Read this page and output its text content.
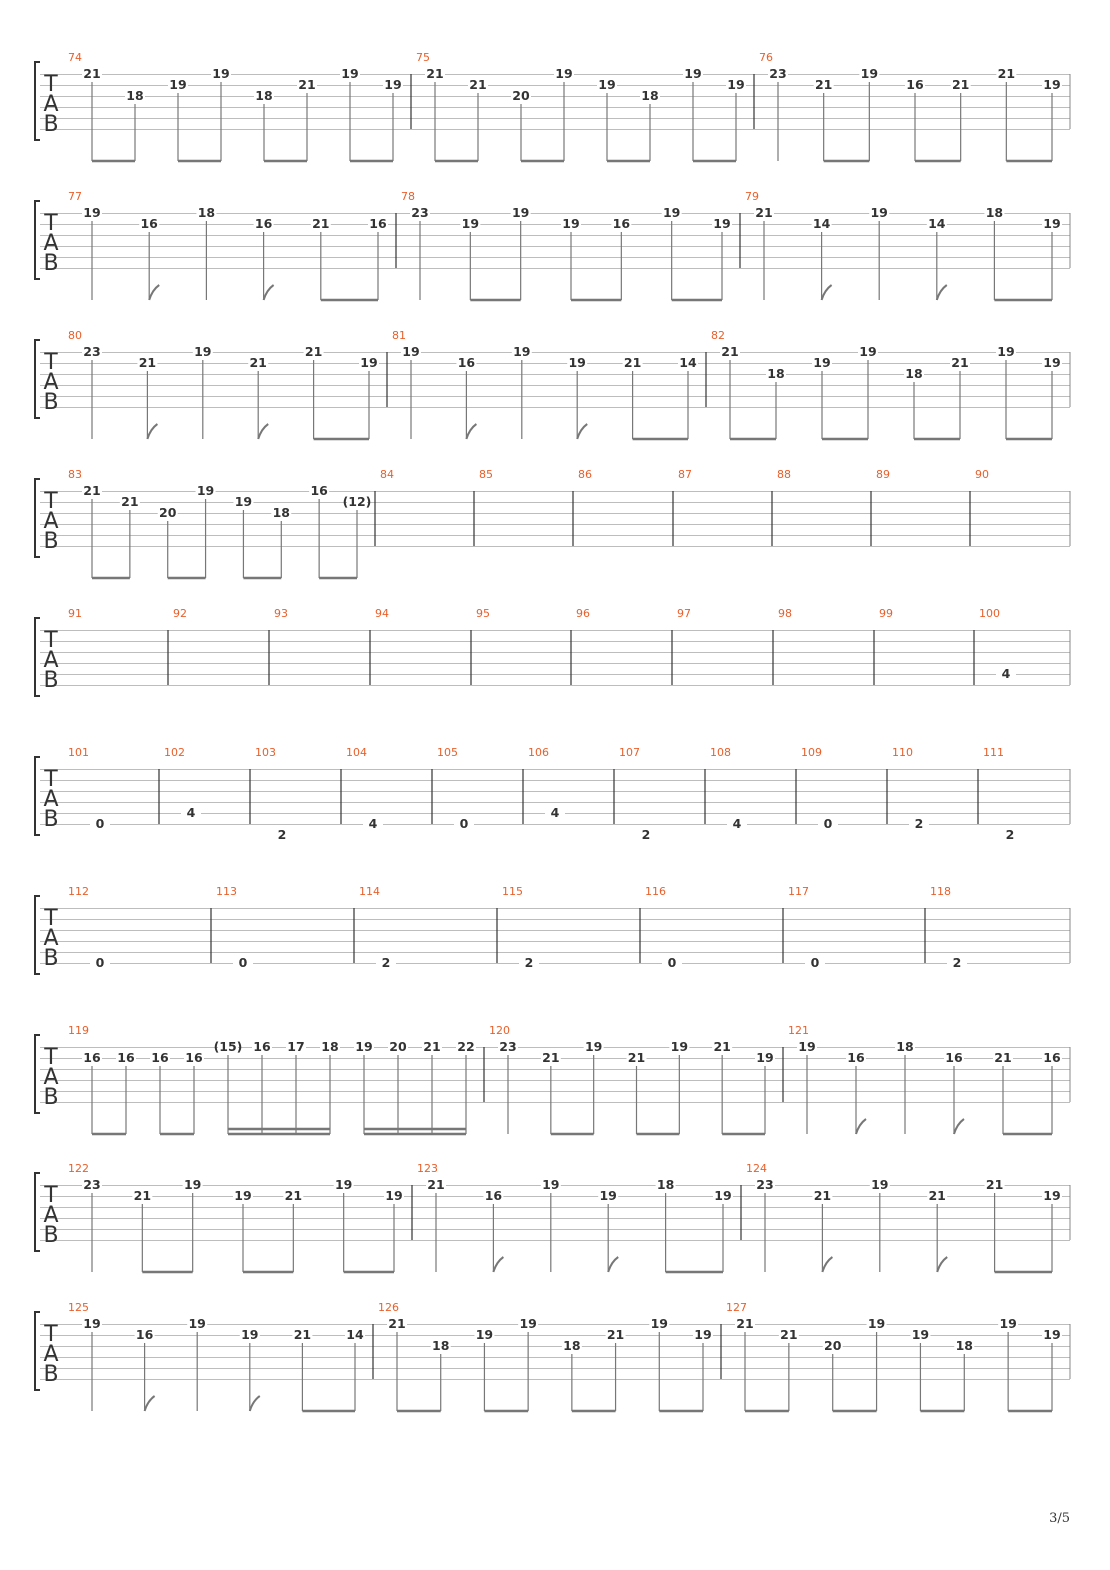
T
A
B
74
21
18
19
19
18
21
19
19
75
21
21
20
19
19
18
19
19
76
23
21
19
16 21
21
19
T
A
B
77
19
16
18
16	21	16
78
23
19
19
19	16
19
19
79
21
14
19
14
18
19
T
A
B
80
23
21
19
21
21
19
81
19
16
19
19	21	14
82
21
18
19
19
18
21
19
19
T
A
B
83
21
21
20
19
19
18
16
(12)
84	85	86	87	88	89	90
T
A
B
91	92	93	94	95	96	97	98	99	100
4
T
A
B
101
0
102
4
103
2
104
4
105
0
106
4
107
2
108
4
109
0
110
2
111
2
T
A
B
112
0
113
0
114
2
115
2
116
0
117
0
118
2
T
A
B
119
16 16 16 16
(15) 16 17 18 19 20 21 22
120
23
21
19
21
19 21
19
121
19
16
18
16	21	16
T
A
B
122
23
21
19
19	21
19
19
123
21
16
19
19
18
19
124
23
21
19
21
21
19
T
A
B
125
19
16
19
19	21	14
126
21
18
19
19
18
21
19
19
127
21
21
20
19
19
18
19
19
3/5
